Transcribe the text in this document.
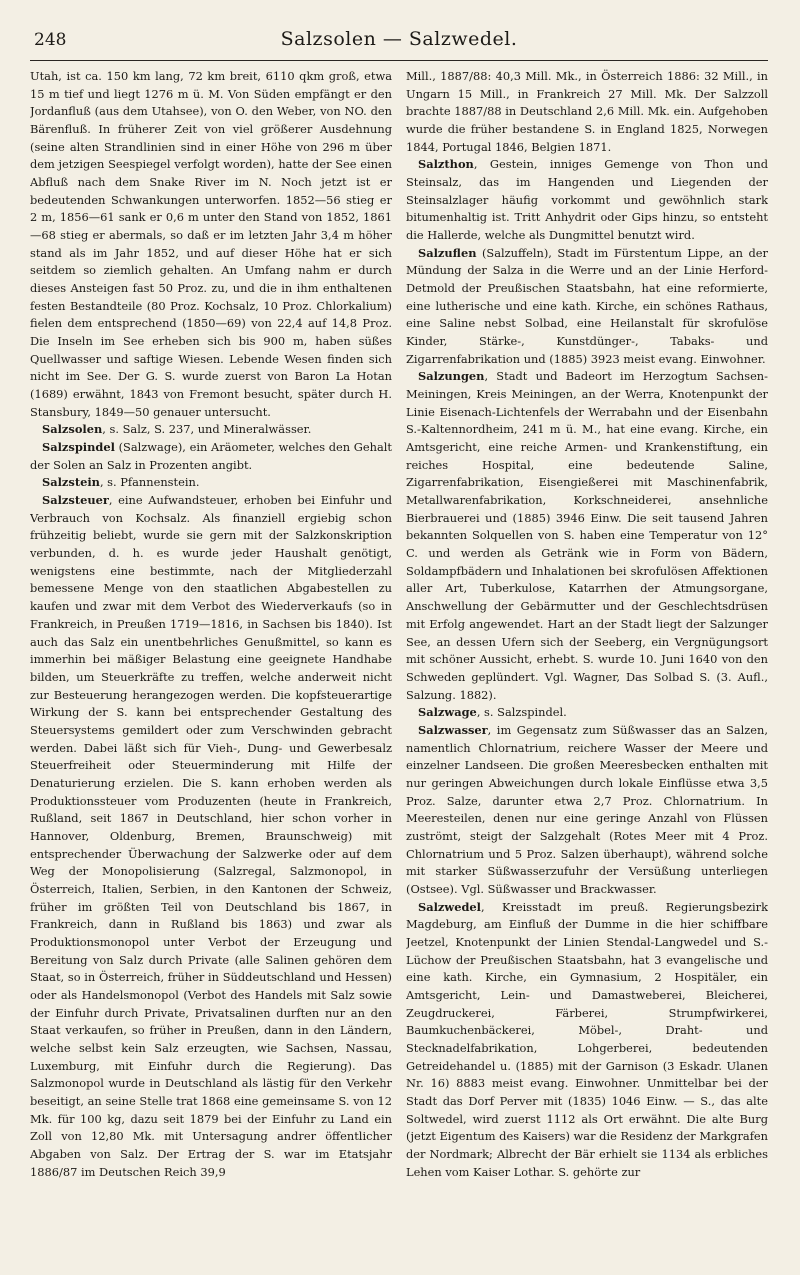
248	Salzsolen — Salzwedel.

Utah, ist ca. 150 km lang, 72 km breit, 6110 qkm groß, etwa 15 m tief und liegt 1276 m ü. M. Von Süden empfängt er den Jordanfluß (aus dem Utahsee), von O. den Weber, von NO. den Bärenfluß. In früherer Zeit von viel größerer Ausdehnung (seine alten Strandlinien sind in einer Höhe von 296 m über dem jetzigen Seespiegel verfolgt worden), hatte der See einen Abfluß nach dem Snake River im N. Noch jetzt ist er bedeutenden Schwankungen unterworfen. 1852—56 stieg er 2 m, 1856—61 sank er 0,6 m unter den Stand von 1852, 1861—68 stieg er abermals, so daß er im letzten Jahr 3,4 m höher stand als im Jahr 1852, und auf dieser Höhe hat er sich seitdem so ziemlich gehalten. An Umfang nahm er durch dieses Ansteigen fast 50 Proz. zu, und die in ihm enthaltenen festen Bestandteile (80 Proz. Kochsalz, 10 Proz. Chlorkalium) fielen dem entsprechend (1850—69) von 22,4 auf 14,8 Proz. Die Inseln im See erheben sich bis 900 m, haben süßes Quellwasser und saftige Wiesen. Lebende Wesen finden sich nicht im See. Der G. S. wurde zuerst von Baron La Hotan (1689) erwähnt, 1843 von Fremont besucht, später durch H. Stansbury, 1849—50 genauer untersucht.

Salzsolen, s. Salz, S. 237, und Mineralwässer.

Salzspindel (Salzwage), ein Aräometer, welches den Gehalt der Solen an Salz in Prozenten angibt.

Salzstein, s. Pfannenstein.

Salzsteuer, eine Aufwandsteuer, erhoben bei Einfuhr und Verbrauch von Kochsalz. Als finanziell ergiebig schon frühzeitig beliebt, wurde sie gern mit der Salzkonskription verbunden, d. h. es wurde jeder Haushalt genötigt, wenigstens eine bestimmte, nach der Mitgliederzahl bemessene Menge von den staatlichen Abgabestellen zu kaufen und zwar mit dem Verbot des Wiederverkaufs (so in Frankreich, in Preußen 1719—1816, in Sachsen bis 1840). Ist auch das Salz ein unentbehrliches Genußmittel, so kann es immerhin bei mäßiger Belastung eine geeignete Handhabe bilden, um Steuerkräfte zu treffen, welche anderweit nicht zur Besteuerung herangezogen werden. Die kopfsteuerartige Wirkung der S. kann bei entsprechender Gestaltung des Steuersystems gemildert oder zum Verschwinden gebracht werden. Dabei läßt sich für Vieh-, Dung- und Gewerbesalz Steuerfreiheit oder Steuerminderung mit Hilfe der Denaturierung erzielen. Die S. kann erhoben werden als Produktionssteuer vom Produzenten (heute in Frankreich, Rußland, seit 1867 in Deutschland, hier schon vorher in Hannover, Oldenburg, Bremen, Braunschweig) mit entsprechender Überwachung der Salzwerke oder auf dem Weg der Monopolisierung (Salzregal, Salzmonopol, in Österreich, Italien, Serbien, in den Kantonen der Schweiz, früher im größten Teil von Deutschland bis 1867, in Frankreich, dann in Rußland bis 1863) und zwar als Produktionsmonopol unter Verbot der Erzeugung und Bereitung von Salz durch Private (alle Salinen gehören dem Staat, so in Österreich, früher in Süddeutschland und Hessen) oder als Handelsmonopol (Verbot des Handels mit Salz sowie der Einfuhr durch Private, Privatsalinen durften nur an den Staat verkaufen, so früher in Preußen, dann in den Ländern, welche selbst kein Salz erzeugten, wie Sachsen, Nassau, Luxemburg, mit Einfuhr durch die Regierung). Das Salzmonopol wurde in Deutschland als lästig für den Verkehr beseitigt, an seine Stelle trat 1868 eine gemeinsame S. von 12 Mk. für 100 kg, dazu seit 1879 bei der Einfuhr zu Land ein Zoll von 12,80 Mk. mit Untersagung andrer öffentlicher Abgaben von Salz. Der Ertrag der S. war im Etatsjahr 1886/87 im Deutschen Reich 39,9

Mill., 1887/88: 40,3 Mill. Mk., in Österreich 1886: 32 Mill., in Ungarn 15 Mill., in Frankreich 27 Mill. Mk. Der Salzzoll brachte 1887/88 in Deutschland 2,6 Mill. Mk. ein. Aufgehoben wurde die früher bestandene S. in England 1825, Norwegen 1844, Portugal 1846, Belgien 1871.

Salzthon, Gestein, inniges Gemenge von Thon und Steinsalz, das im Hangenden und Liegenden der Steinsalzlager häufig vorkommt und gewöhnlich stark bitumenhaltig ist. Tritt Anhydrit oder Gips hinzu, so entsteht die Hallerde, welche als Dungmittel benutzt wird.

Salzuflen (Salzuffeln), Stadt im Fürstentum Lippe, an der Mündung der Salza in die Werre und an der Linie Herford-Detmold der Preußischen Staatsbahn, hat eine reformierte, eine lutherische und eine kath. Kirche, ein schönes Rathaus, eine Saline nebst Solbad, eine Heilanstalt für skrofulöse Kinder, Stärke-, Kunstdünger-, Tabaks- und Zigarrenfabrikation und (1885) 3923 meist evang. Einwohner.

Salzungen, Stadt und Badeort im Herzogtum Sachsen-Meiningen, Kreis Meiningen, an der Werra, Knotenpunkt der Linie Eisenach-Lichtenfels der Werrabahn und der Eisenbahn S.-Kaltennordheim, 241 m ü. M., hat eine evang. Kirche, ein Amtsgericht, eine reiche Armen- und Krankenstiftung, ein reiches Hospital, eine bedeutende Saline, Zigarrenfabrikation, Eisengießerei mit Maschinenfabrik, Metallwarenfabrikation, Korkschneiderei, ansehnliche Bierbrauerei und (1885) 3946 Einw. Die seit tausend Jahren bekannten Solquellen von S. haben eine Temperatur von 12° C. und werden als Getränk wie in Form von Bädern, Soldampfbädern und Inhalationen bei skrofulösen Affektionen aller Art, Tuberkulose, Katarrhen der Atmungsorgane, Anschwellung der Gebärmutter und der Geschlechtsdrüsen mit Erfolg angewendet. Hart an der Stadt liegt der Salzunger See, an dessen Ufern sich der Seeberg, ein Vergnügungsort mit schöner Aussicht, erhebt. S. wurde 10. Juni 1640 von den Schweden geplündert. Vgl. Wagner, Das Solbad S. (3. Aufl., Salzung. 1882).

Salzwage, s. Salzspindel.

Salzwasser, im Gegensatz zum Süßwasser das an Salzen, namentlich Chlornatrium, reichere Wasser der Meere und einzelner Landseen. Die großen Meeresbecken enthalten mit nur geringen Abweichungen durch lokale Einflüsse etwa 3,5 Proz. Salze, darunter etwa 2,7 Proz. Chlornatrium. In Meeresteilen, denen nur eine geringe Anzahl von Flüssen zuströmt, steigt der Salzgehalt (Rotes Meer mit 4 Proz. Chlornatrium und 5 Proz. Salzen überhaupt), während solche mit starker Süßwasserzufuhr der Versüßung unterliegen (Ostsee). Vgl. Süßwasser und Brackwasser.

Salzwedel, Kreisstadt im preuß. Regierungsbezirk Magdeburg, am Einfluß der Dumme in die hier schiffbare Jeetzel, Knotenpunkt der Linien Stendal-Langwedel und S.-Lüchow der Preußischen Staatsbahn, hat 3 evangelische und eine kath. Kirche, ein Gymnasium, 2 Hospitäler, ein Amtsgericht, Lein- und Damastweberei, Bleicherei, Zeugdruckerei, Färberei, Strumpfwirkerei, Baumkuchenbäckerei, Möbel-, Draht- und Stecknadelfabrikation, Lohgerberei, bedeutenden Getreidehandel u. (1885) mit der Garnison (3 Eskadr. Ulanen Nr. 16) 8883 meist evang. Einwohner. Unmittelbar bei der Stadt das Dorf Perver mit (1835) 1046 Einw. — S., das alte Soltwedel, wird zuerst 1112 als Ort erwähnt. Die alte Burg (jetzt Eigentum des Kaisers) war die Residenz der Markgrafen der Nordmark; Albrecht der Bär erhielt sie 1134 als erbliches Lehen vom Kaiser Lothar. S. gehörte zur
